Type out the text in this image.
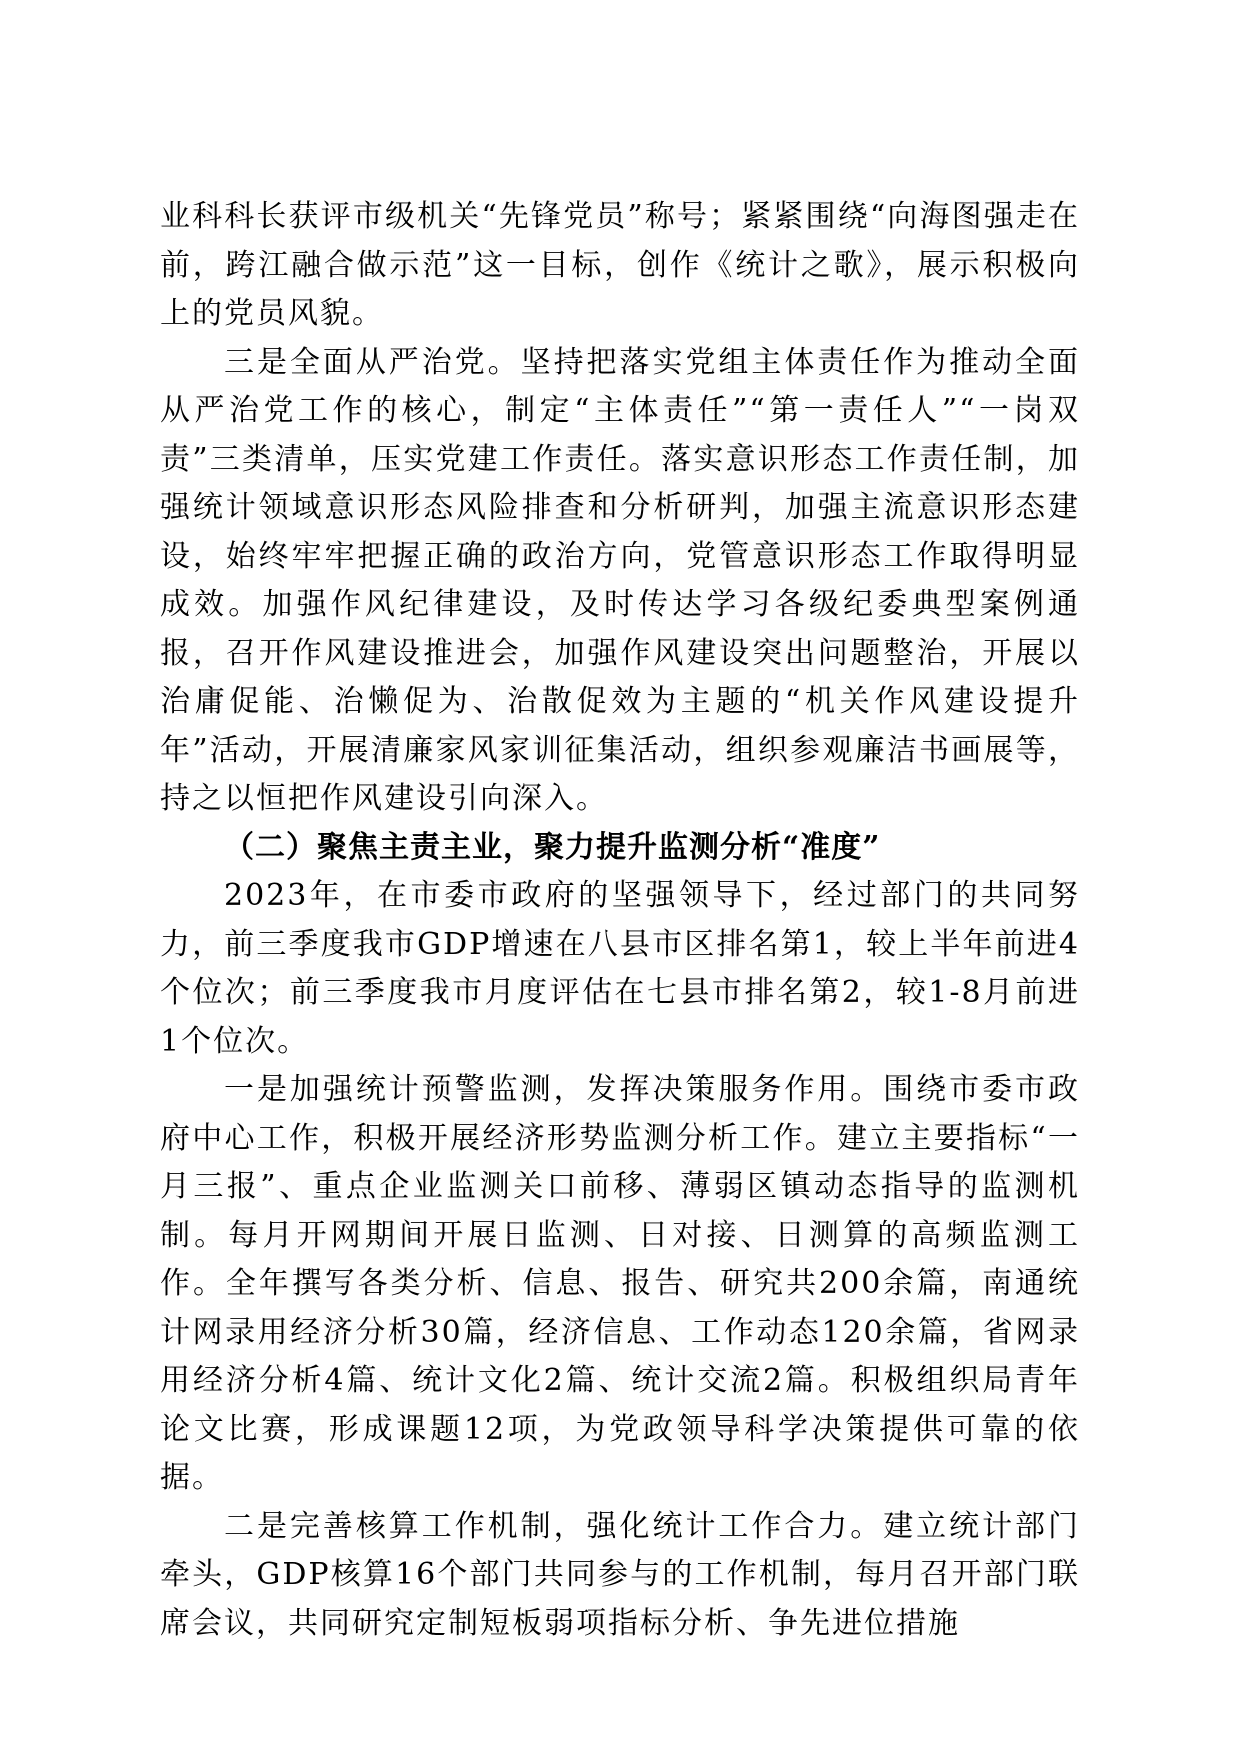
业科科长获评市级机关“先锋党员”称号；紧紧围绕“向海图强走在前，跨江融合做示范”这一目标，创作《统计之歌》，展示积极向上的党员风貌。

三是全面从严治党。坚持把落实党组主体责任作为推动全面从严治党工作的核心，制定“主体责任”“第一责任人”“一岗双责”三类清单，压实党建工作责任。落实意识形态工作责任制，加强统计领域意识形态风险排查和分析研判，加强主流意识形态建设，始终牢牢把握正确的政治方向，党管意识形态工作取得明显成效。加强作风纪律建设，及时传达学习各级纪委典型案例通报，召开作风建设推进会，加强作风建设突出问题整治，开展以治庸促能、治懒促为、治散促效为主题的“机关作风建设提升年”活动，开展清廉家风家训征集活动，组织参观廉洁书画展等，持之以恒把作风建设引向深入。

（二）聚焦主责主业，聚力提升监测分析“准度”

2023年，在市委市政府的坚强领导下，经过部门的共同努力，前三季度我市GDP增速在八县市区排名第1，较上半年前进4个位次；前三季度我市月度评估在七县市排名第2，较1-8月前进1个位次。

一是加强统计预警监测，发挥决策服务作用。围绕市委市政府中心工作，积极开展经济形势监测分析工作。建立主要指标“一月三报”、重点企业监测关口前移、薄弱区镇动态指导的监测机制。每月开网期间开展日监测、日对接、日测算的高频监测工作。全年撰写各类分析、信息、报告、研究共200余篇，南通统计网录用经济分析30篇，经济信息、工作动态120余篇，省网录用经济分析4篇、统计文化2篇、统计交流2篇。积极组织局青年论文比赛，形成课题12项，为党政领导科学决策提供可靠的依据。

二是完善核算工作机制，强化统计工作合力。建立统计部门牵头，GDP核算16个部门共同参与的工作机制，每月召开部门联席会议，共同研究定制短板弱项指标分析、争先进位措施
